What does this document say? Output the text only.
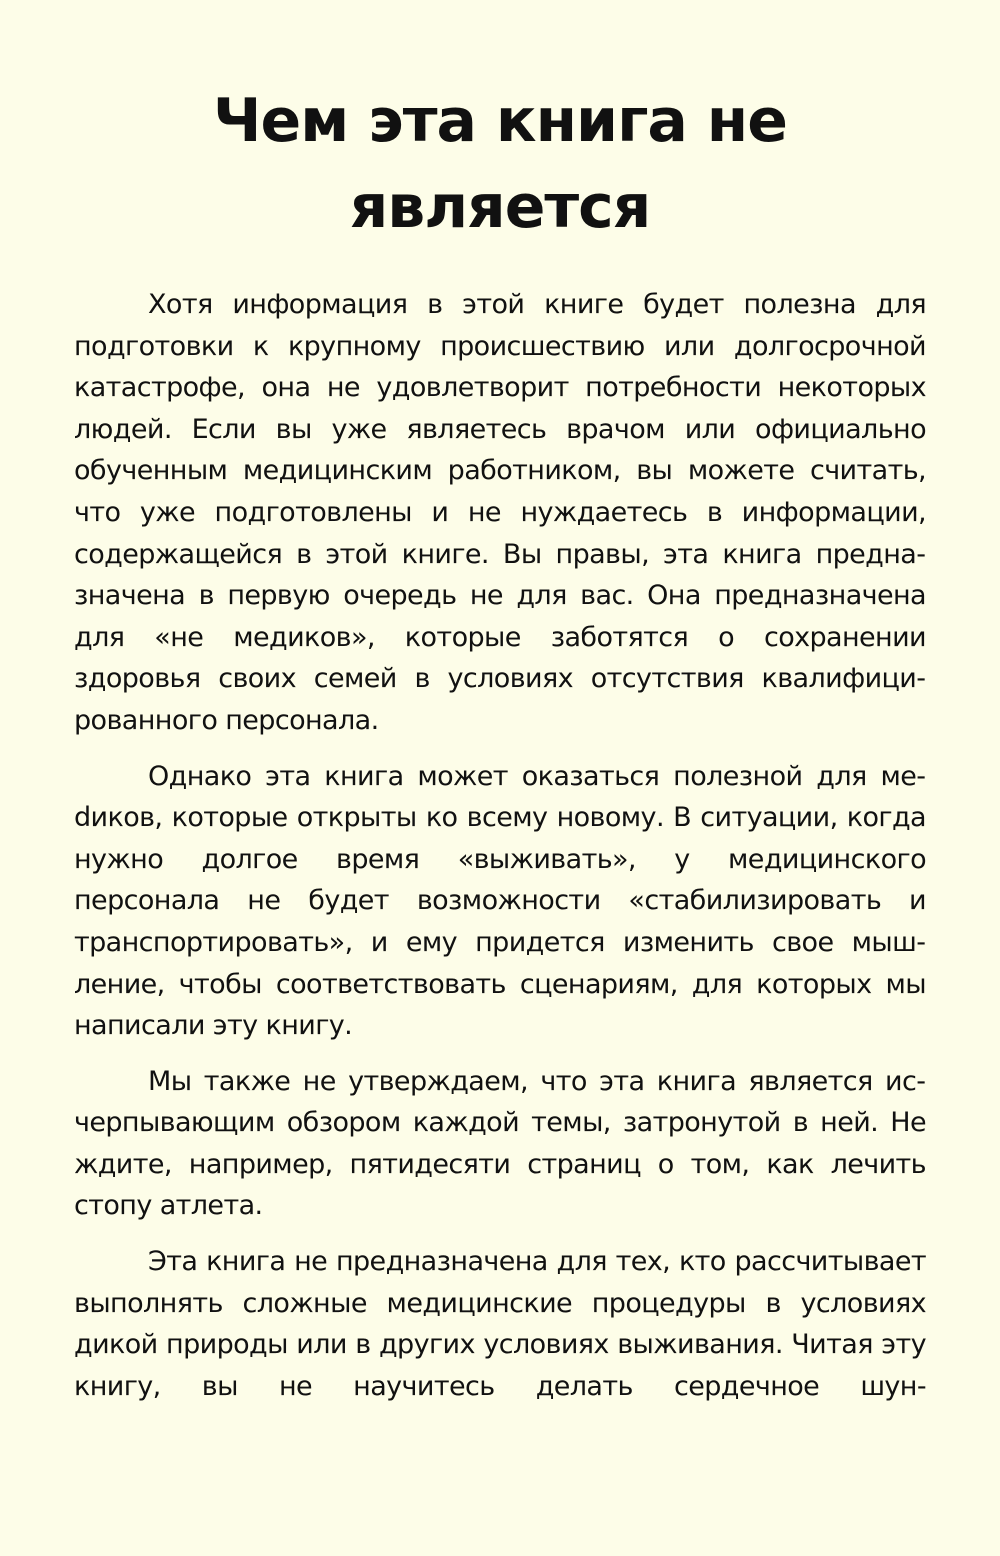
Чем эта книга не является

Хотя информация в этой книге будет полезна для подготовки к крупному происшествию или долгосрочной катастрофе, она не удовлетворит потребности некоторых людей. Если вы уже являетесь врачом или официально обученным медицинским работником, вы можете считать, что уже подготовлены и не нуждаетесь в информации, содержащейся в этой книге. Вы правы, эта книга предназначена в первую очередь не для вас. Она предназначена для «не медиков», которые заботятся о сохранении здоровья своих семей в условиях отсутствия квалифицированного персонала.

Однако эта книга может оказаться полезной для меdиков, которые открыты ко всему новому. В ситуации, когда нужно долгое время «выживать», у медицинского персонала не будет возможности «стабилизировать и транспортировать», и ему придется изменить свое мышление, чтобы соответствовать сценариям, для которых мы написали эту книгу.

Мы также не утверждаем, что эта книга является исчерпывающим обзором каждой темы, затронутой в ней. Не ждите, например, пятидесяти страниц о том, как лечить стопу атлета.

Эта книга не предназначена для тех, кто рассчитывает выполнять сложные медицинские процедуры в условиях дикой природы или в других условиях выживания. Читая эту книгу, вы не научитесь делать сердечное шун-
